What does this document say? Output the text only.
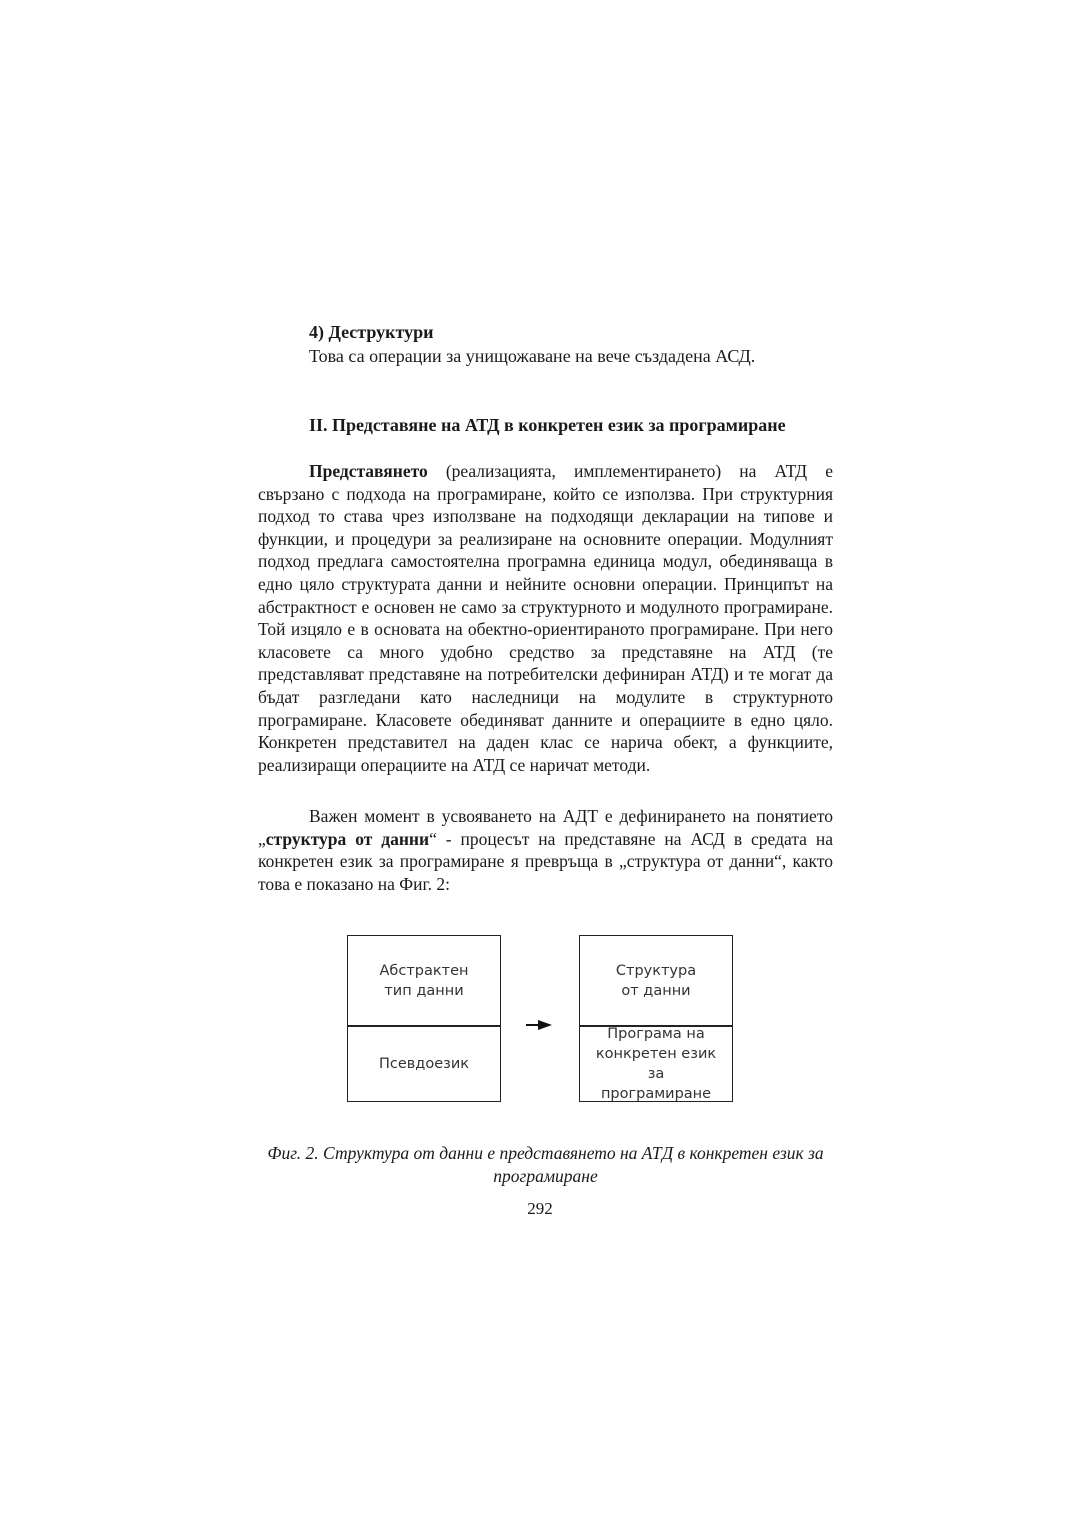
4) Деструктури
Това са операции за унищожаване на вече създадена АСД.
II. Представяне на АТД в конкретен език за програмиране

Представянето (реализацията, имплементирането) на АТД е свързано с подхода на програмиране, който се използва. При структурния подход то става чрез използване на подходящи декларации на типове и функции, и процедури за реализиране на основните операции. Модулният подход предлага самостоятелна програмна единица модул, обединяваща в едно цяло структурата данни и нейните основни операции. Принципът на абстрактност е основен не само за структурното и модулното програмиране. Той изцяло е в основата на обектно-ориентираното програмиране. При него класовете са много удобно средство за представяне на АТД (те представляват представяне на потребителски дефиниран АТД) и те могат да бъдат разгледани като наследници на модулите в структурното програмиране. Класовете обединяват данните и операциите в едно цяло. Конкретен представител на даден клас се нарича обект, а функциите, реализиращи операциите на АТД се наричат методи.

Важен момент в усвояването на АДТ е дефинирането на понятието „структура от данни“ - процесът на представяне на АСД в средата на конкретен език за програмиране я превръща в „структура от данни“, както това е показано на Фиг. 2:

Абстрактен тип данни
Псевдоезик
Структура от данни
Програма на конкретен език за програмиране
Фиг. 2. Структура от данни е представянето на АТД в конкретен език за програмиране
292
